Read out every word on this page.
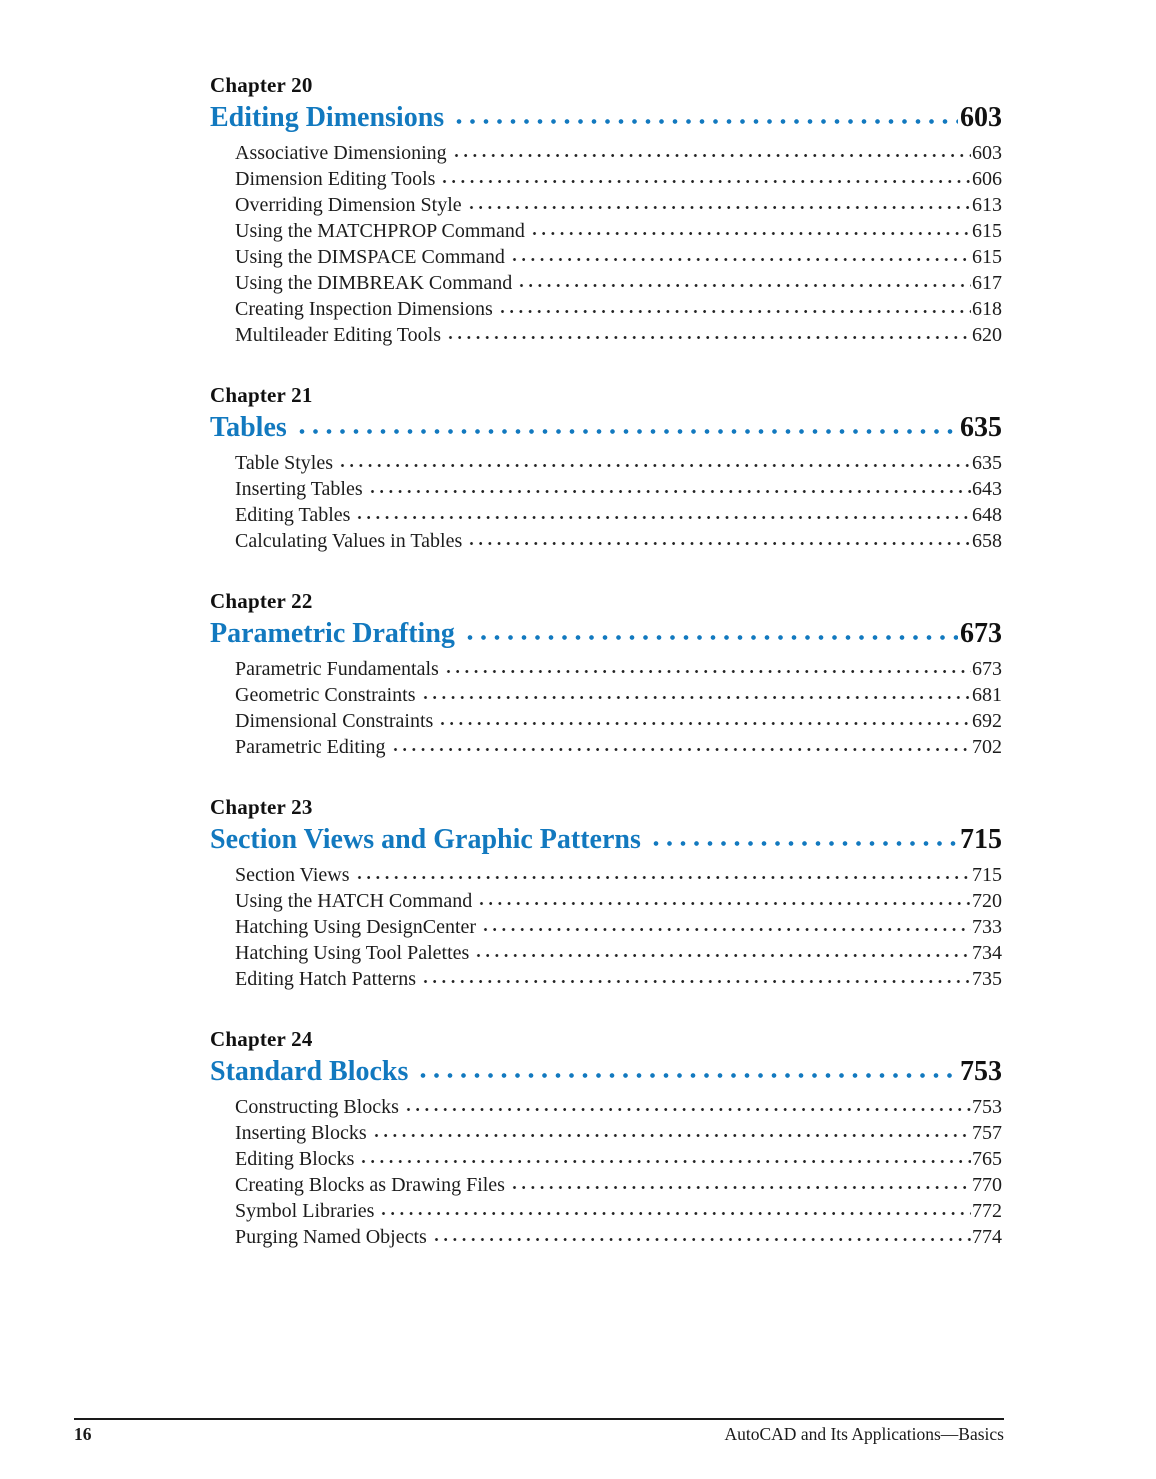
Chapter 20
Editing Dimensions	603
Associative Dimensioning	603
Dimension Editing Tools	606
Overriding Dimension Style	613
Using the MATCHPROP Command	615
Using the DIMSPACE Command	615
Using the DIMBREAK Command	617
Creating Inspection Dimensions	618
Multileader Editing Tools	620
Chapter 21
Tables	635
Table Styles	635
Inserting Tables	643
Editing Tables	648
Calculating Values in Tables	658
Chapter 22
Parametric Drafting	673
Parametric Fundamentals	673
Geometric Constraints	681
Dimensional Constraints	692
Parametric Editing	702
Chapter 23
Section Views and Graphic Patterns	715
Section Views	715
Using the HATCH Command	720
Hatching Using DesignCenter	733
Hatching Using Tool Palettes	734
Editing Hatch Patterns	735
Chapter 24
Standard Blocks	753
Constructing Blocks	753
Inserting Blocks	757
Editing Blocks	765
Creating Blocks as Drawing Files	770
Symbol Libraries	772
Purging Named Objects	774
16	AutoCAD and Its Applications—Basics
